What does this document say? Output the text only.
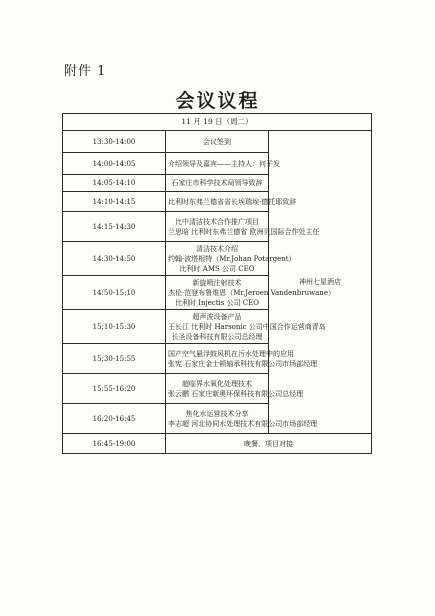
附件 1
会议议程
11 月 19 日（周二）		
13:30-14:00	会议签到	神州七星酒店
14:00-14:05	介绍领导及嘉宾——主持人：何子发	

14:05-14:10	石家庄市科学技术局领导致辞	

14:10-14:15	比利时东弗兰德省省长埃瑞埃·德托耶致辞	

14:15-14:30	比中清洁技术合作推广项目
兰思晗 比利时东弗兰德省 欧洲贝国际合作处主任	

14:30-14:50	清洁技术介绍
约翰·波塔根特（Mr.Johan Potargent）
比利时 AMS 公司 CEO	

14:50-15:10	新旋喷注射技术
杰伦·范登布鲁维恩（Mr.Jeroen Vandenbruwane）
比利时 Injectis 公司 CEO	

15:10-15:30	超声波设备产品
王长江 比利时 Harsonic 公司中国合作运营商青岛
长圣设备科技有限公司总经理	

15:30-15:55	国产空气悬浮鼓风机在污水处理中的应用
张宪 石家庄金士顿轴承科技有限公司市场部经理	

15:55-16:20	超临界水氧化处理技术
张云鹏 石家庄新奥环保科技有限公司总经理	

16:20-16:45	焦化水运营技术分享
李志超 河北协同水处理技术有限公司市场部经理	

16:45-19:00	晚餐、项目对接	
